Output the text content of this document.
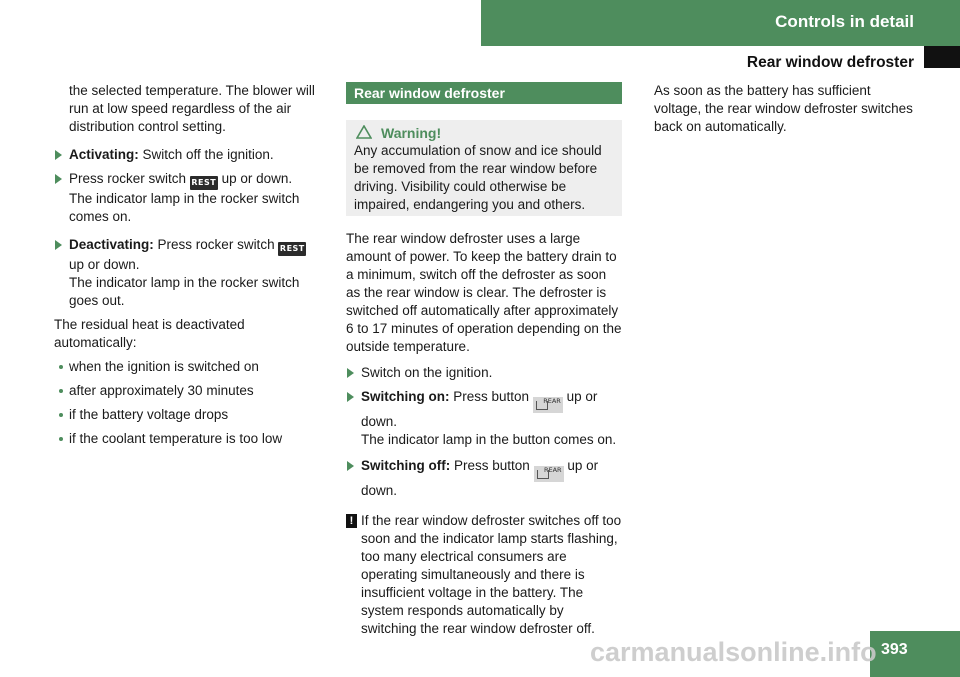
Controls in detail
Rear window defroster

the selected temperature. The blower will run at low speed regardless of the air distribution control setting.

Activating: Switch off the ignition.
Press rocker switch REST up or down.
The indicator lamp in the rocker switch comes on.
Deactivating: Press rocker switch REST up or down.
The indicator lamp in the rocker switch goes out.

The residual heat is deactivated automatically:

when the ignition is switched on
after approximately 30 minutes
if the battery voltage drops
if the coolant temperature is too low
Rear window defroster
Warning!

Any accumulation of snow and ice should be removed from the rear window before driving. Visibility could otherwise be impaired, endangering you and others.

The rear window defroster uses a large amount of power. To keep the battery drain to a minimum, switch off the defroster as soon as the rear window is clear. The defroster is switched off automatically after approximately 6 to 17 minutes of operation depending on the outside temperature.

Switch on the ignition.
Switching on: Press button REAR up or down.
The indicator lamp in the button comes on.
Switching off: Press button REAR up or down.
! If the rear window defroster switches off too soon and the indicator lamp starts flashing, too many electrical consumers are operating simultaneously and there is insufficient voltage in the battery. The system responds automatically by switching the rear window defroster off.

As soon as the battery has sufficient voltage, the rear window defroster switches back on automatically.

393
carmanualsonline.info
